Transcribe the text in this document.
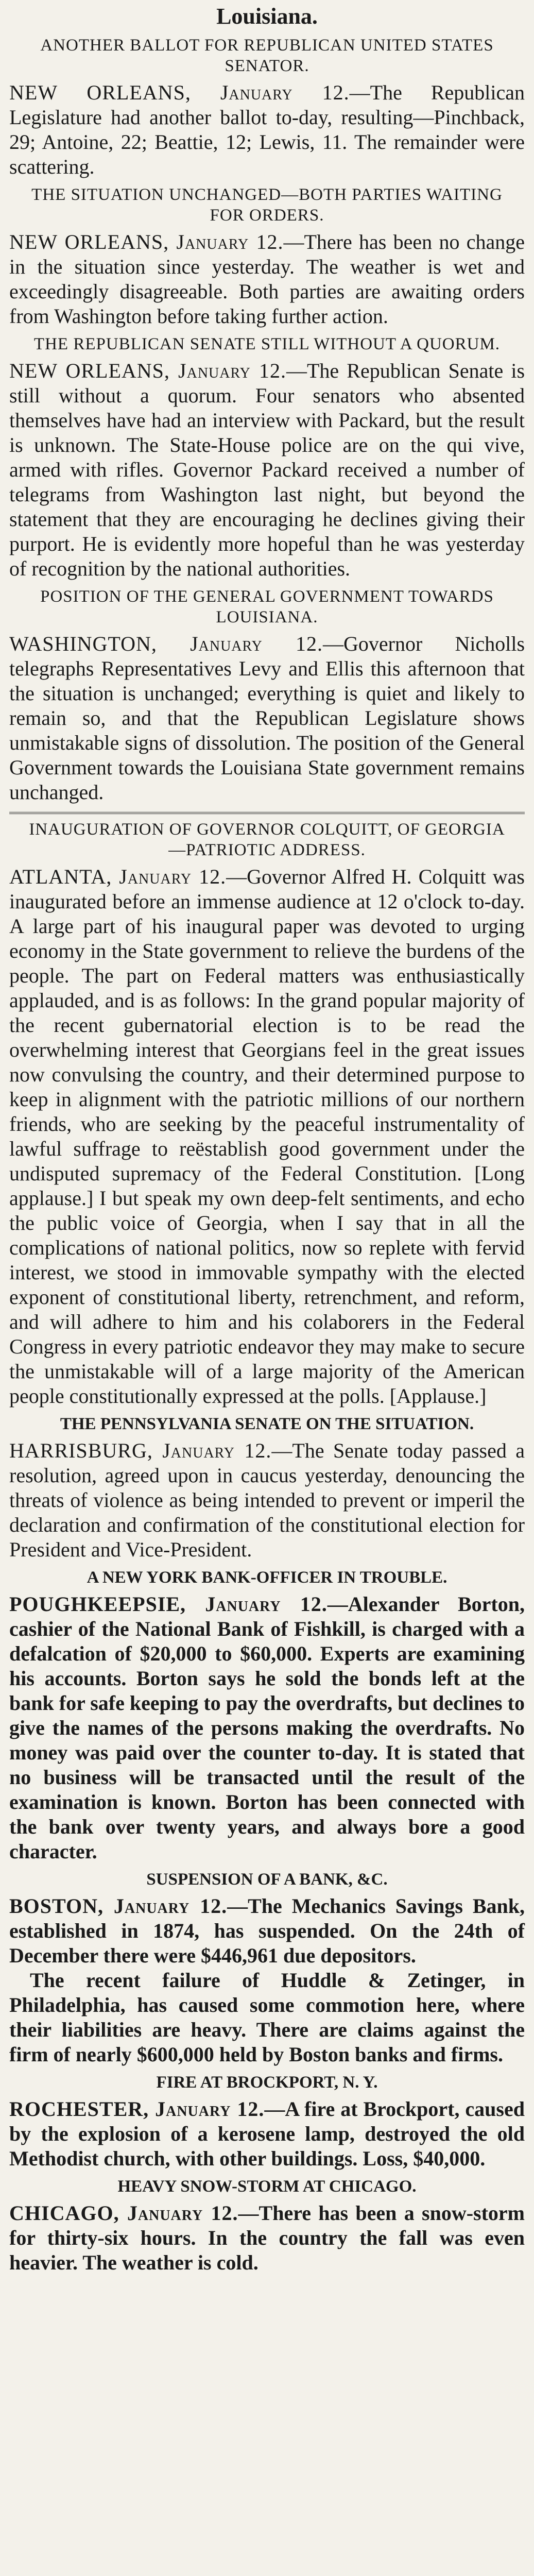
Louisiana.
ANOTHER BALLOT FOR REPUBLICAN UNITED STATES SENATOR.

NEW ORLEANS, January 12.—The Republican Legislature had another ballot to-day, resulting—Pinchback, 29; Antoine, 22; Beattie, 12; Lewis, 11. The remainder were scattering.

THE SITUATION UNCHANGED—BOTH PARTIES WAITING FOR ORDERS.

NEW ORLEANS, January 12.—There has been no change in the situation since yesterday. The weather is wet and exceedingly disagreeable. Both parties are awaiting orders from Washington before taking further action.

THE REPUBLICAN SENATE STILL WITHOUT A QUORUM.

NEW ORLEANS, January 12.—The Republican Senate is still without a quorum. Four senators who absented themselves have had an interview with Packard, but the result is unknown. The State-House police are on the qui vive, armed with rifles. Governor Packard received a number of telegrams from Washington last night, but beyond the statement that they are encouraging he declines giving their purport. He is evidently more hopeful than he was yesterday of recognition by the national authorities.

POSITION OF THE GENERAL GOVERNMENT TOWARDS LOUISIANA.

WASHINGTON, January 12.—Governor Nicholls telegraphs Representatives Levy and Ellis this afternoon that the situation is unchanged; everything is quiet and likely to remain so, and that the Republican Legislature shows unmistakable signs of dissolution. The position of the General Government towards the Louisiana State government remains unchanged.

INAUGURATION OF GOVERNOR COLQUITT, OF GEORGIA—PATRIOTIC ADDRESS.

ATLANTA, January 12.—Governor Alfred H. Colquitt was inaugurated before an immense audience at 12 o'clock to-day. A large part of his inaugural paper was devoted to urging economy in the State government to relieve the burdens of the people. The part on Federal matters was enthusiastically applauded, and is as follows: In the grand popular majority of the recent gubernatorial election is to be read the overwhelming interest that Georgians feel in the great issues now convulsing the country, and their determined purpose to keep in alignment with the patriotic millions of our northern friends, who are seeking by the peaceful instrumentality of lawful suffrage to reëstablish good government under the undisputed supremacy of the Federal Constitution. [Long applause.] I but speak my own deep-felt sentiments, and echo the public voice of Georgia, when I say that in all the complications of national politics, now so replete with fervid interest, we stood in immovable sympathy with the elected exponent of constitutional liberty, retrenchment, and reform, and will adhere to him and his colaborers in the Federal Congress in every patriotic endeavor they may make to secure the unmistakable will of a large majority of the American people constitutionally expressed at the polls. [Applause.]

THE PENNSYLVANIA SENATE ON THE SITUATION.

HARRISBURG, January 12.—The Senate today passed a resolution, agreed upon in caucus yesterday, denouncing the threats of violence as being intended to prevent or imperil the declaration and confirmation of the constitutional election for President and Vice-President.

A NEW YORK BANK-OFFICER IN TROUBLE.

POUGHKEEPSIE, January 12.—Alexander Borton, cashier of the National Bank of Fishkill, is charged with a defalcation of $20,000 to $60,000. Experts are examining his accounts. Borton says he sold the bonds left at the bank for safe keeping to pay the overdrafts, but declines to give the names of the persons making the overdrafts. No money was paid over the counter to-day. It is stated that no business will be transacted until the result of the examination is known. Borton has been connected with the bank over twenty years, and always bore a good character.

SUSPENSION OF A BANK, &C.

BOSTON, January 12.—The Mechanics Savings Bank, established in 1874, has suspended. On the 24th of December there were $446,961 due depositors.

The recent failure of Huddle & Zetinger, in Philadelphia, has caused some commotion here, where their liabilities are heavy. There are claims against the firm of nearly $600,000 held by Boston banks and firms.

FIRE AT BROCKPORT, N. Y.

ROCHESTER, January 12.—A fire at Brockport, caused by the explosion of a kerosene lamp, destroyed the old Methodist church, with other buildings. Loss, $40,000.

HEAVY SNOW-STORM AT CHICAGO.

CHICAGO, January 12.—There has been a snow-storm for thirty-six hours. In the country the fall was even heavier. The weather is cold.
